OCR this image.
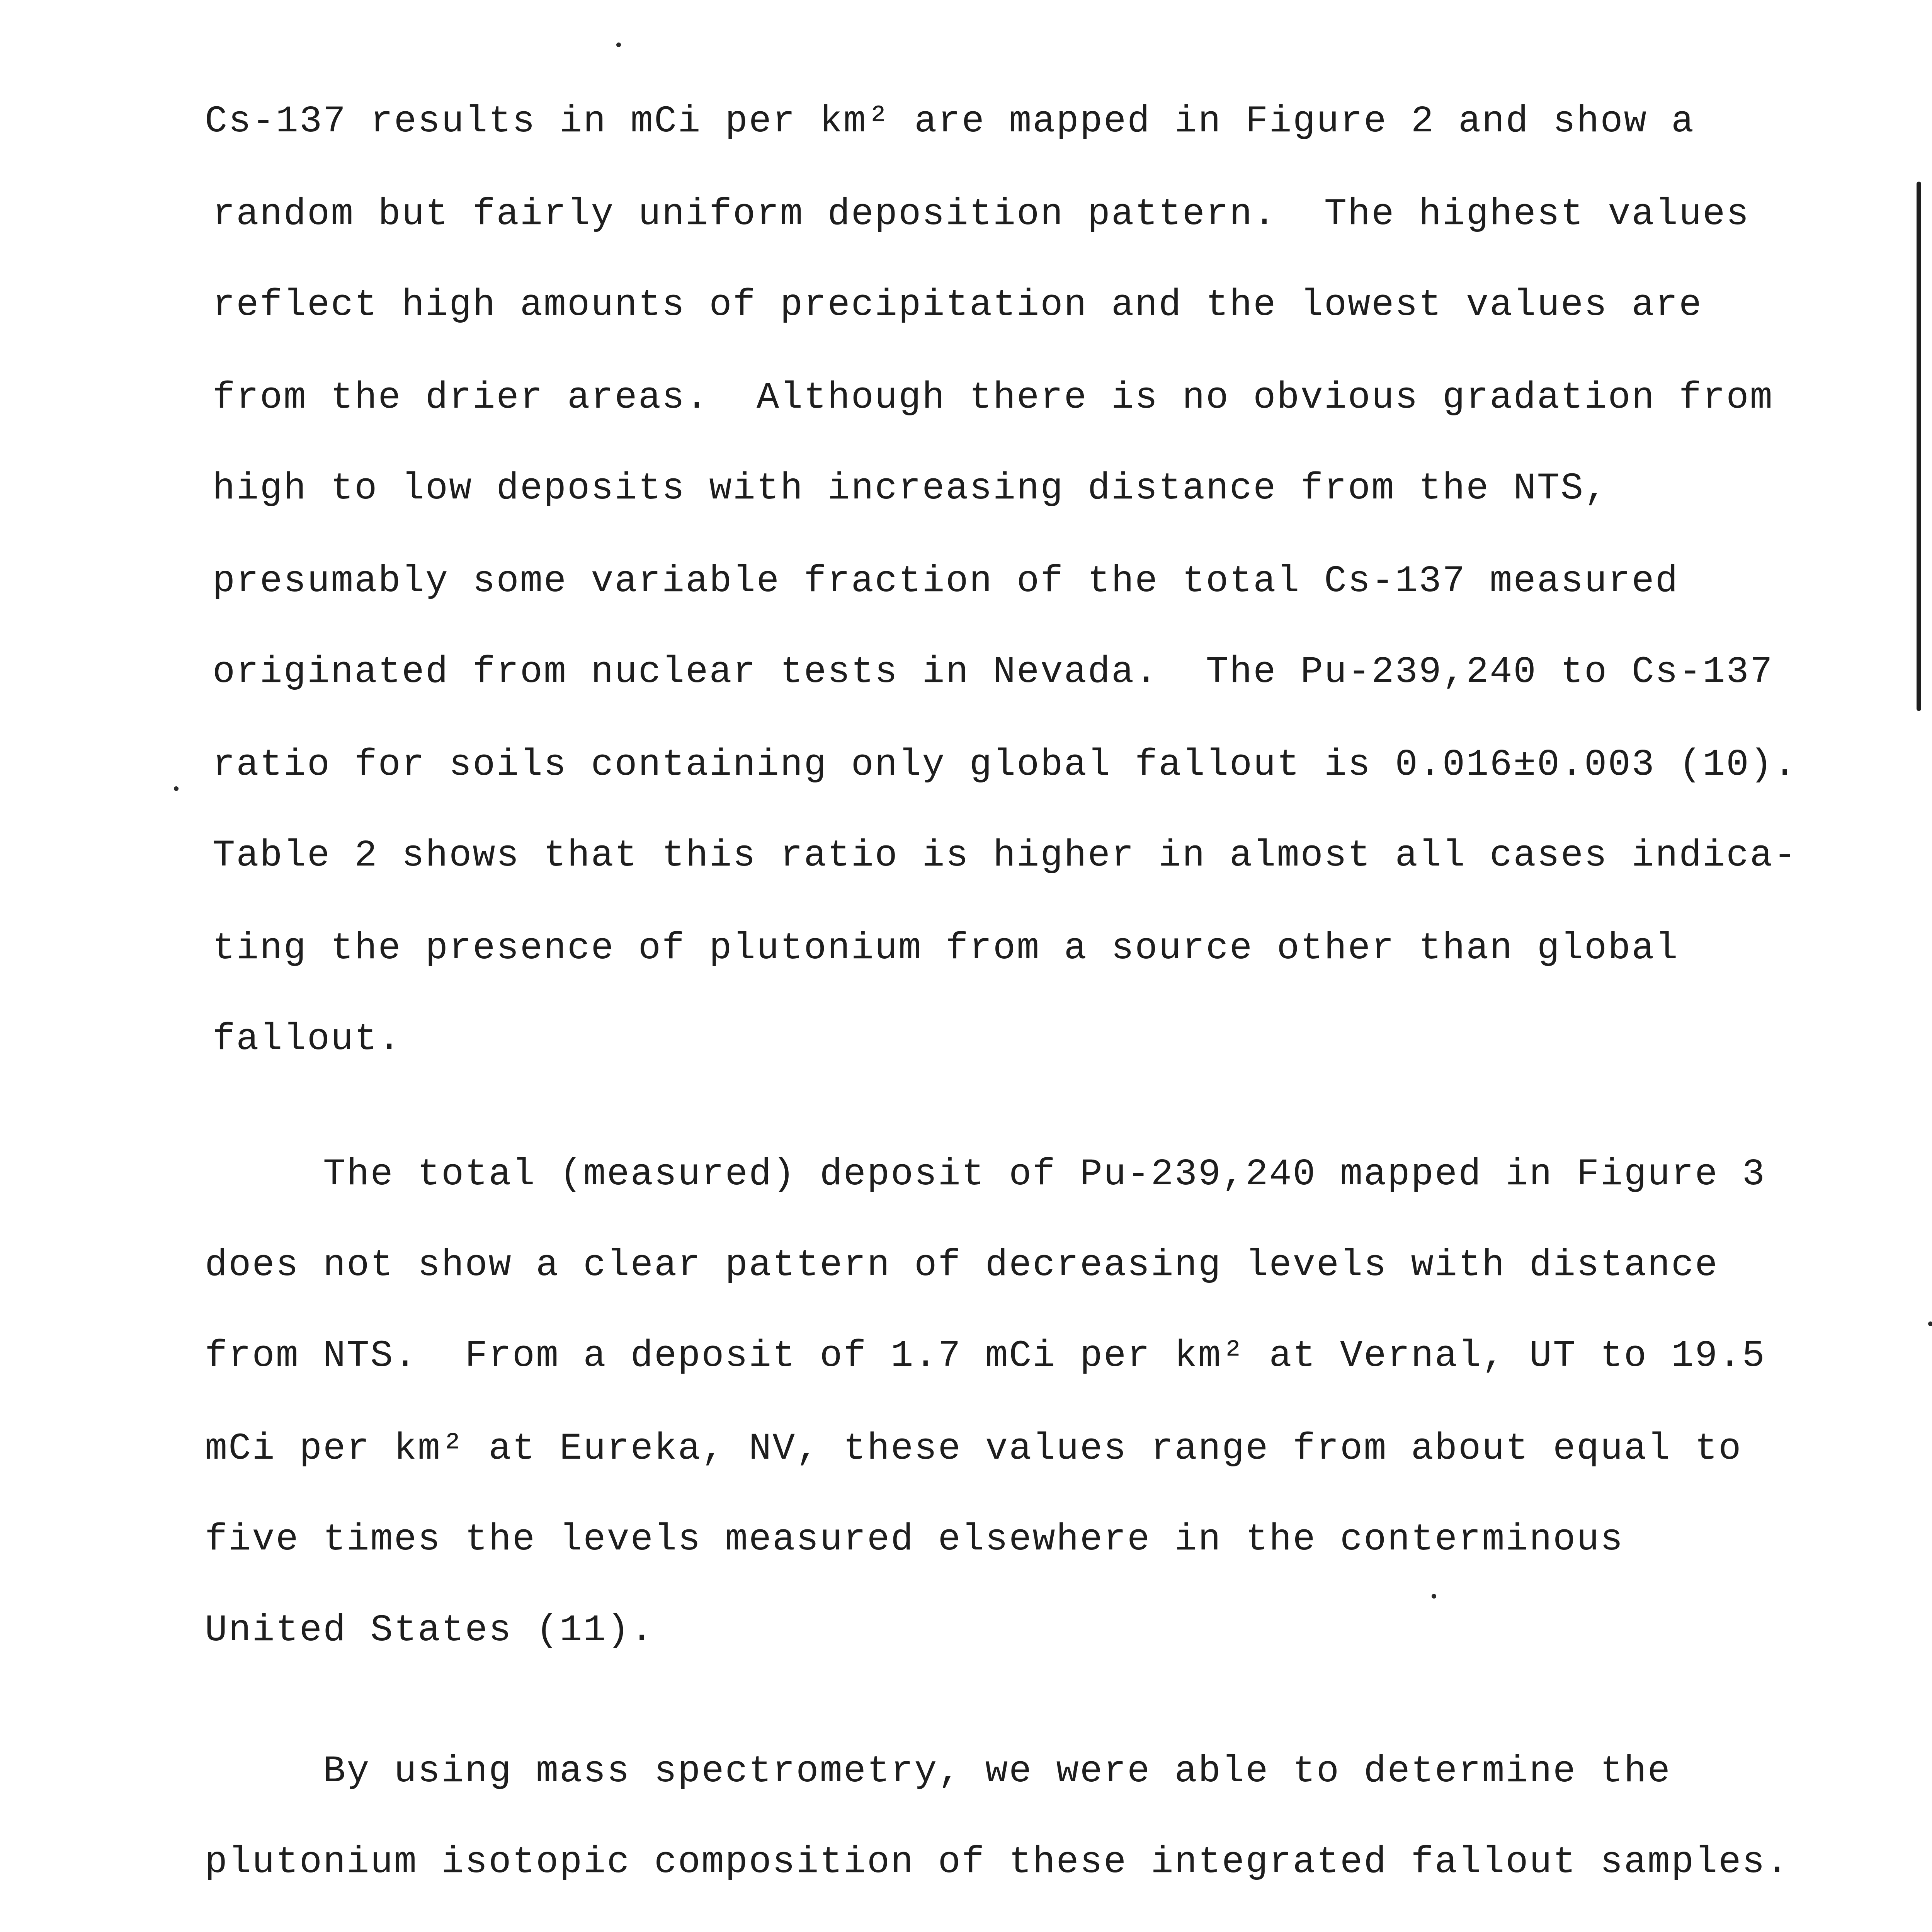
Cs-137 results in mCi per km² are mapped in Figure 2 and show a
random but fairly uniform deposition pattern.  The highest values
reflect high amounts of precipitation and the lowest values are
from the drier areas.  Although there is no obvious gradation from
high to low deposits with increasing distance from the NTS,
presumably some variable fraction of the total Cs-137 measured
originated from nuclear tests in Nevada.  The Pu-239,240 to Cs-137
ratio for soils containing only global fallout is 0.016±0.003 (10).
Table 2 shows that this ratio is higher in almost all cases indica-
ting the presence of plutonium from a source other than global
fallout.
The total (measured) deposit of Pu-239,240 mapped in Figure 3
does not show a clear pattern of decreasing levels with distance
from NTS.  From a deposit of 1.7 mCi per km² at Vernal, UT to 19.5
mCi per km² at Eureka, NV, these values range from about equal to
five times the levels measured elsewhere in the conterminous
United States (11).
By using mass spectrometry, we were able to determine the
plutonium isotopic composition of these integrated fallout samples.
